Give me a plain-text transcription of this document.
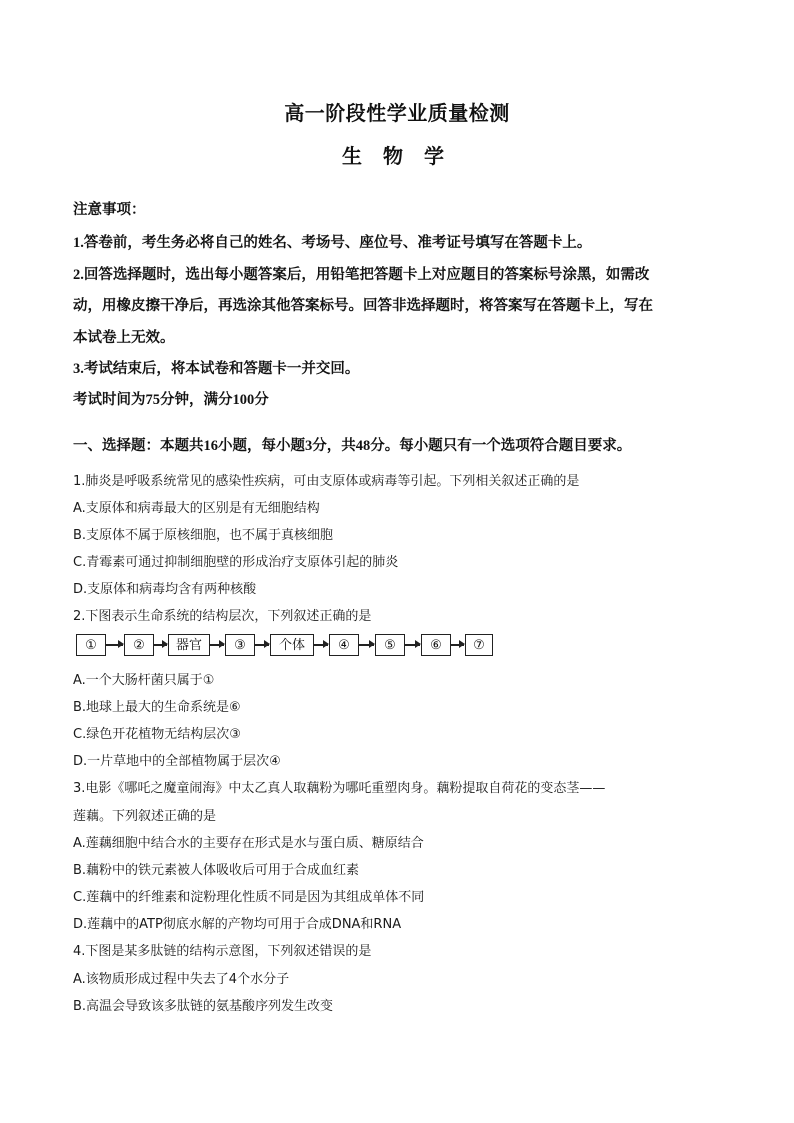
高一阶段性学业质量检测
生 物 学
注意事项：
1.答卷前，考生务必将自己的姓名、考场号、座位号、准考证号填写在答题卡上。
2.回答选择题时，选出每小题答案后，用铅笔把答题卡上对应题目的答案标号涂黑，如需改
动，用橡皮擦干净后，再选涂其他答案标号。回答非选择题时，将答案写在答题卡上，写在
本试卷上无效。
3.考试结束后，将本试卷和答题卡一并交回。
考试时间为75分钟，满分100分
一、选择题：本题共16小题，每小题3分，共48分。每小题只有一个选项符合题目要求。
1.肺炎是呼吸系统常见的感染性疾病，可由支原体或病毒等引起。下列相关叙述正确的是
A.支原体和病毒最大的区别是有无细胞结构
B.支原体不属于原核细胞，也不属于真核细胞
C.青霉素可通过抑制细胞壁的形成治疗支原体引起的肺炎
D.支原体和病毒均含有两种核酸
2.下图表示生命系统的结构层次，下列叙述正确的是
①	②	器官	③	个体	④	⑤	⑥	⑦
A.一个大肠杆菌只属于①
B.地球上最大的生命系统是⑥
C.绿色开花植物无结构层次③
D.一片草地中的全部植物属于层次④
3.电影《哪吒之魔童闹海》中太乙真人取藕粉为哪吒重塑肉身。藕粉提取自荷花的变态茎——
莲藕。下列叙述正确的是
A.莲藕细胞中结合水的主要存在形式是水与蛋白质、糖原结合
B.藕粉中的铁元素被人体吸收后可用于合成血红素
C.莲藕中的纤维素和淀粉理化性质不同是因为其组成单体不同
D.莲藕中的ATP彻底水解的产物均可用于合成DNA和RNA
4.下图是某多肽链的结构示意图，下列叙述错误的是
A.该物质形成过程中失去了4个水分子
B.高温会导致该多肽链的氨基酸序列发生改变
